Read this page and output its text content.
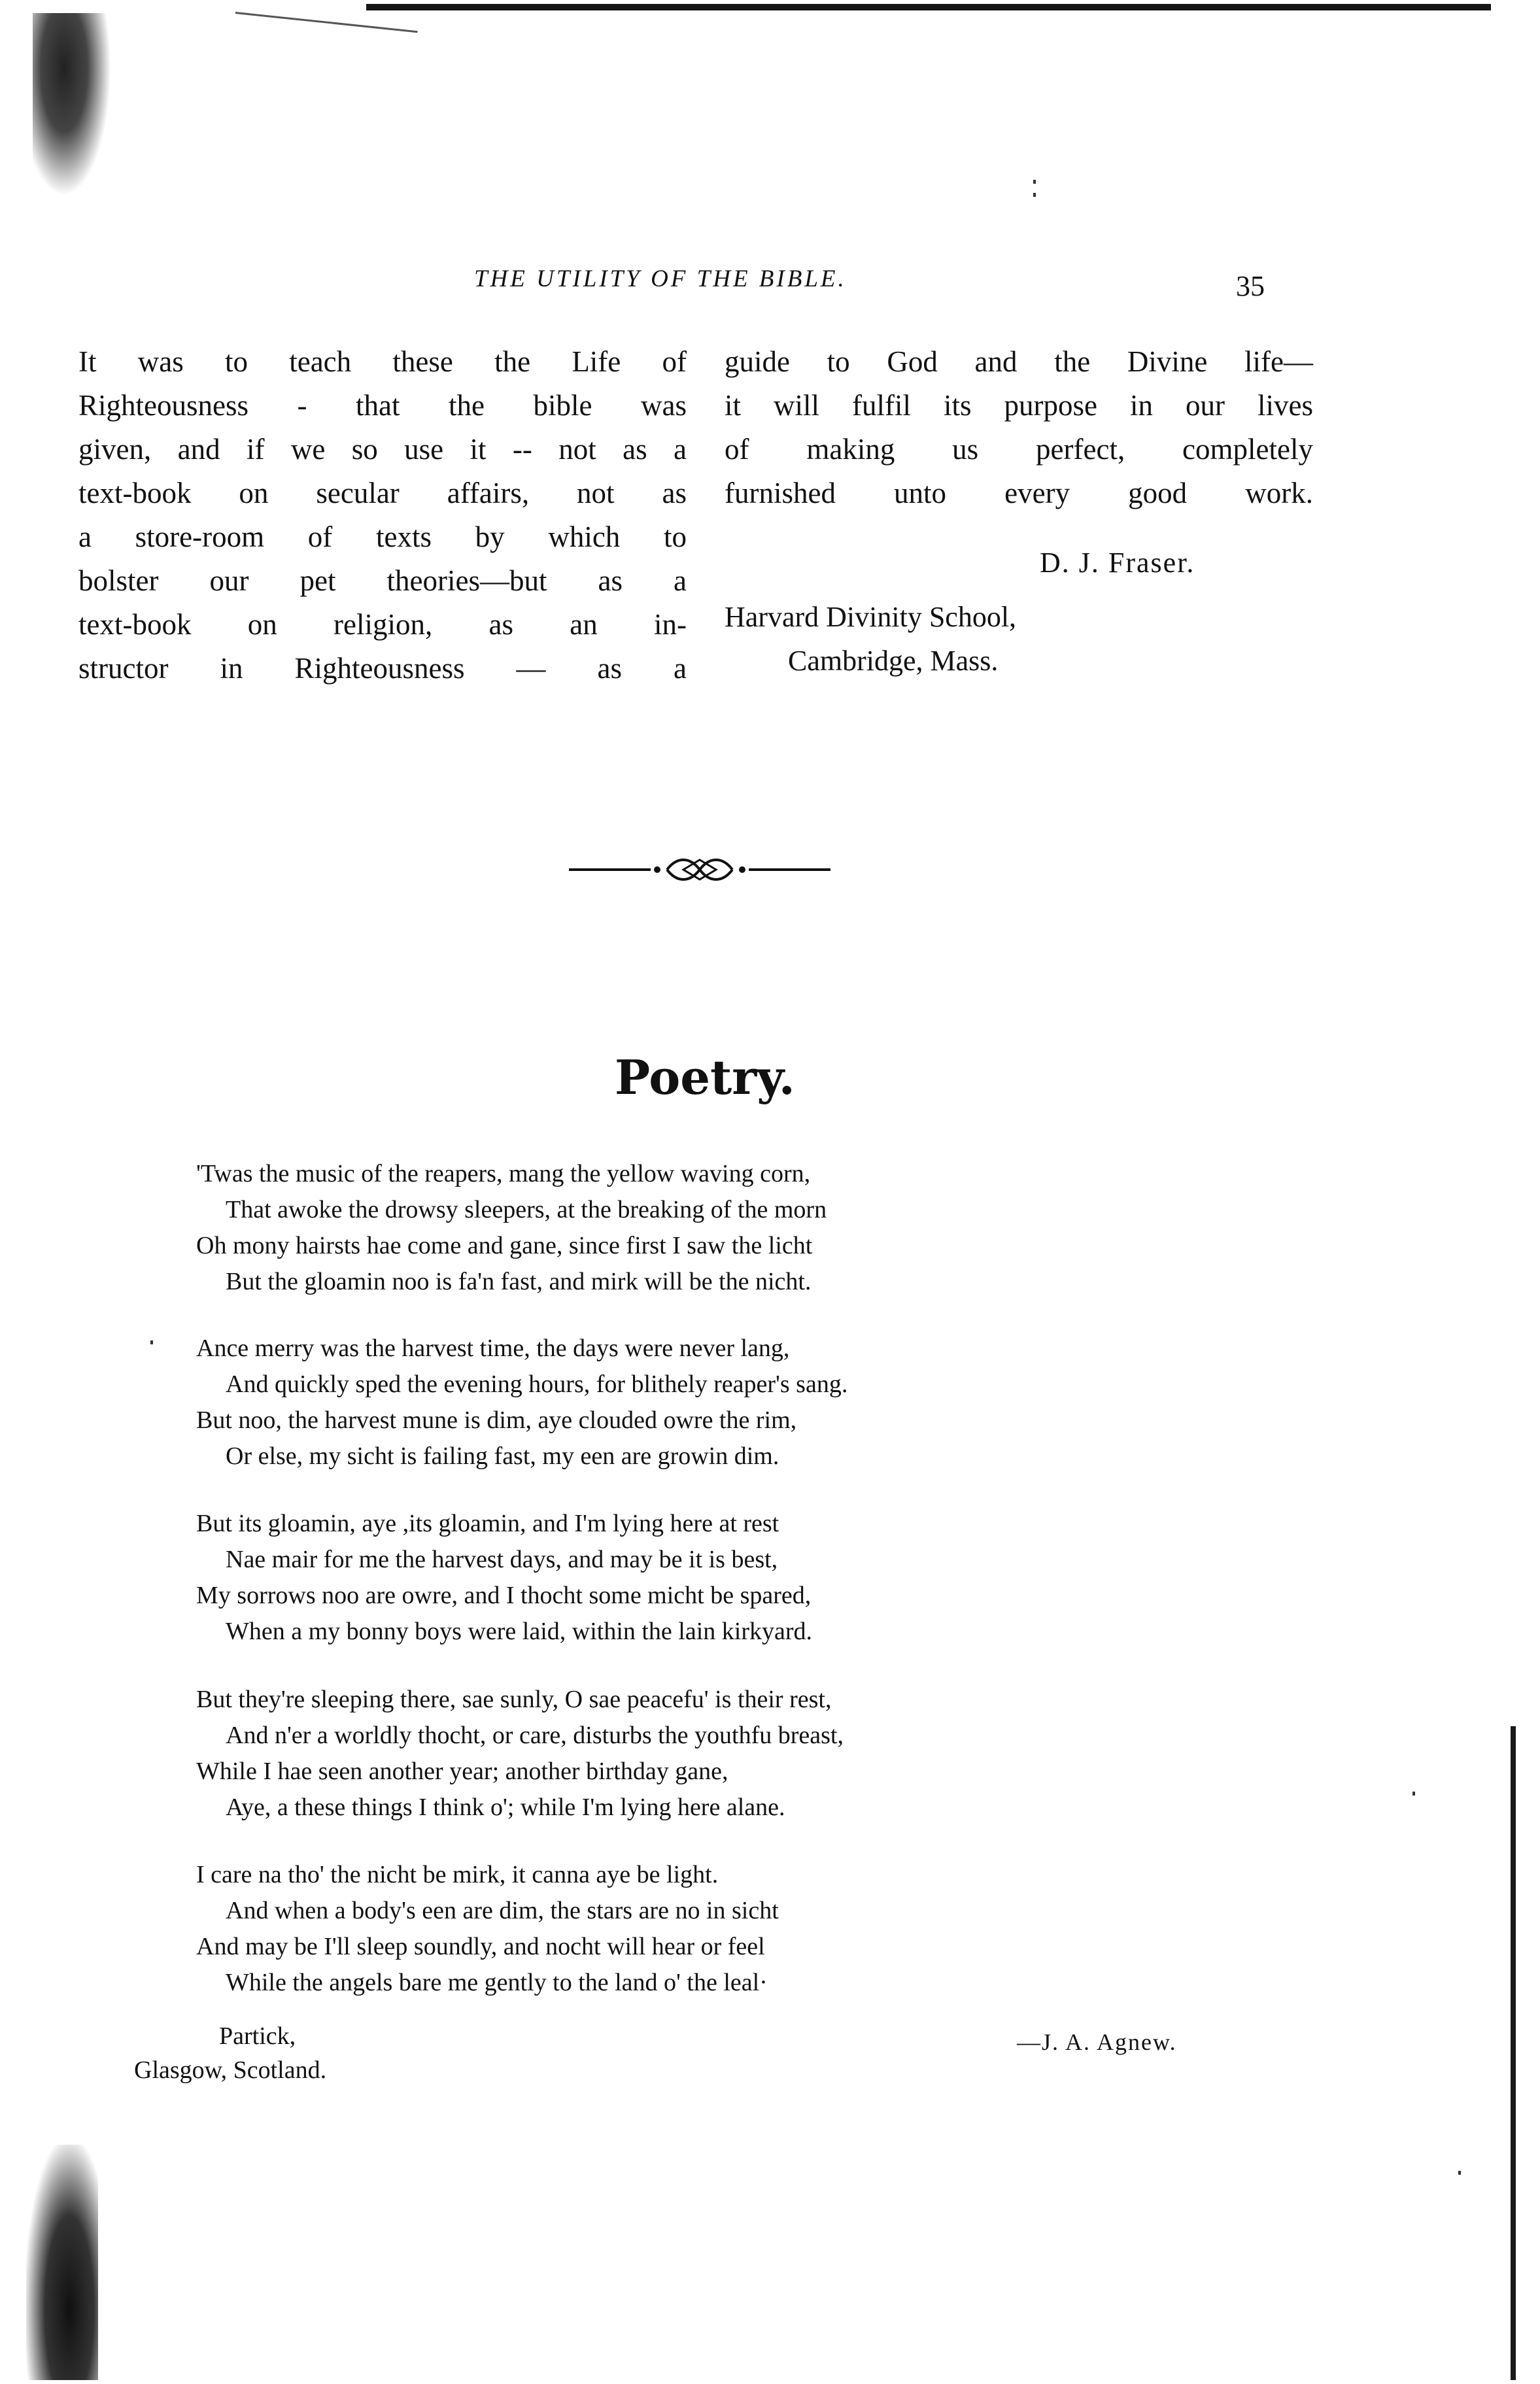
THE UTILITY OF THE BIBLE.	35
It was to teach these the Life of
Righteousness - that the bible was
given, and if we so use it -- not as a
text-book on secular affairs, not as
a store-room of texts by which to
bolster our pet theories—but as a
text-book on religion, as an in-
structor in Righteousness — as a
guide to God and the Divine life—
it will fulfil its purpose in our lives
of making us perfect, completely
furnished unto every good work.
D. J. Fraser.
Harvard Divinity School,
Cambridge, Mass.
Poetry.
'Twas the music of the reapers, mang the yellow waving corn,
That awoke the drowsy sleepers, at the breaking of the morn
Oh mony hairsts hae come and gane, since first I saw the licht
But the gloamin noo is fa'n fast, and mirk will be the nicht.
Ance merry was the harvest time, the days were never lang,
And quickly sped the evening hours, for blithely reaper's sang.
But noo, the harvest mune is dim, aye clouded owre the rim,
Or else, my sicht is failing fast, my een are growin dim.
But its gloamin, aye ,its gloamin, and I'm lying here at rest
Nae mair for me the harvest days, and may be it is best,
My sorrows noo are owre, and I thocht some micht be spared,
When a my bonny boys were laid, within the lain kirkyard.
But they're sleeping there, sae sunly, O sae peacefu' is their rest,
And n'er a worldly thocht, or care, disturbs the youthfu breast,
While I hae seen another year; another birthday gane,
Aye, a these things I think o'; while I'm lying here alane.
I care na tho' the nicht be mirk, it canna aye be light.
And when a body's een are dim, the stars are no in sicht
And may be I'll sleep soundly, and nocht will hear or feel
While the angels bare me gently to the land o' the leal·
Partick,
Glasgow, Scotland.
—J. A. Agnew.
